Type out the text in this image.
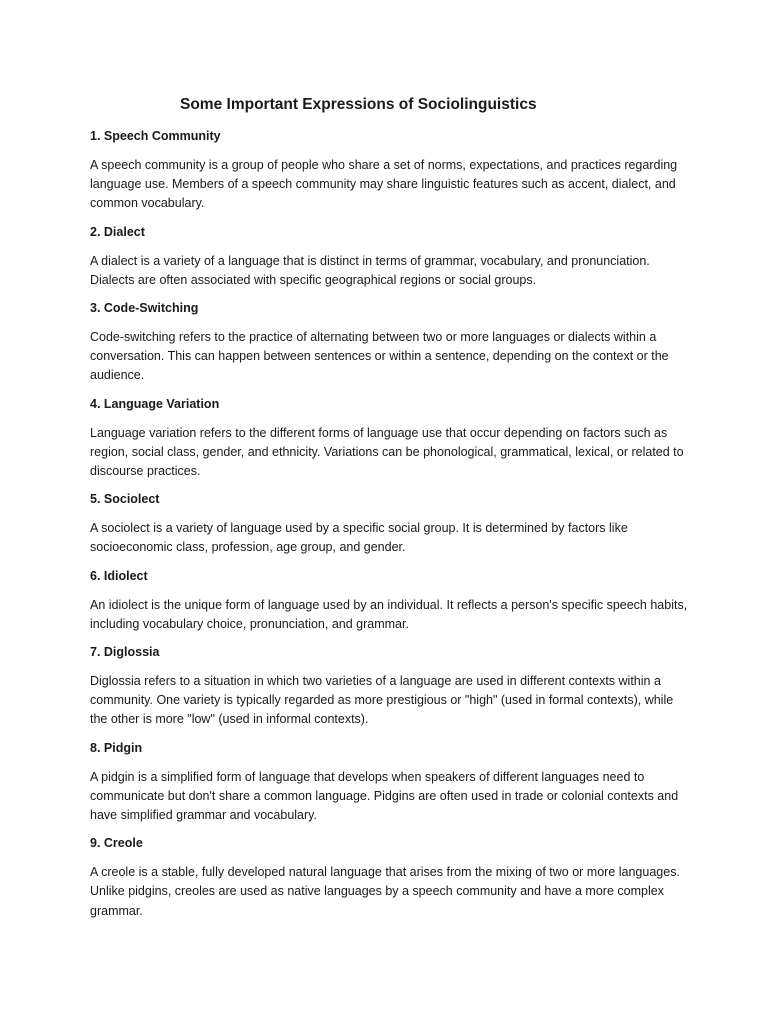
Some Important Expressions of Sociolinguistics
1. Speech Community

A speech community is a group of people who share a set of norms, expectations, and practices regarding language use. Members of a speech community may share linguistic features such as accent, dialect, and common vocabulary.

2. Dialect

A dialect is a variety of a language that is distinct in terms of grammar, vocabulary, and pronunciation. Dialects are often associated with specific geographical regions or social groups.

3. Code-Switching

Code-switching refers to the practice of alternating between two or more languages or dialects within a conversation. This can happen between sentences or within a sentence, depending on the context or the audience.

4. Language Variation

Language variation refers to the different forms of language use that occur depending on factors such as region, social class, gender, and ethnicity. Variations can be phonological, grammatical, lexical, or related to discourse practices.

5. Sociolect

A sociolect is a variety of language used by a specific social group. It is determined by factors like socioeconomic class, profession, age group, and gender.

6. Idiolect

An idiolect is the unique form of language used by an individual. It reflects a person's specific speech habits, including vocabulary choice, pronunciation, and grammar.

7. Diglossia

Diglossia refers to a situation in which two varieties of a language are used in different contexts within a community. One variety is typically regarded as more prestigious or "high" (used in formal contexts), while the other is more "low" (used in informal contexts).

8. Pidgin

A pidgin is a simplified form of language that develops when speakers of different languages need to communicate but don't share a common language. Pidgins are often used in trade or colonial contexts and have simplified grammar and vocabulary.

9. Creole

A creole is a stable, fully developed natural language that arises from the mixing of two or more languages. Unlike pidgins, creoles are used as native languages by a speech community and have a more complex grammar.
